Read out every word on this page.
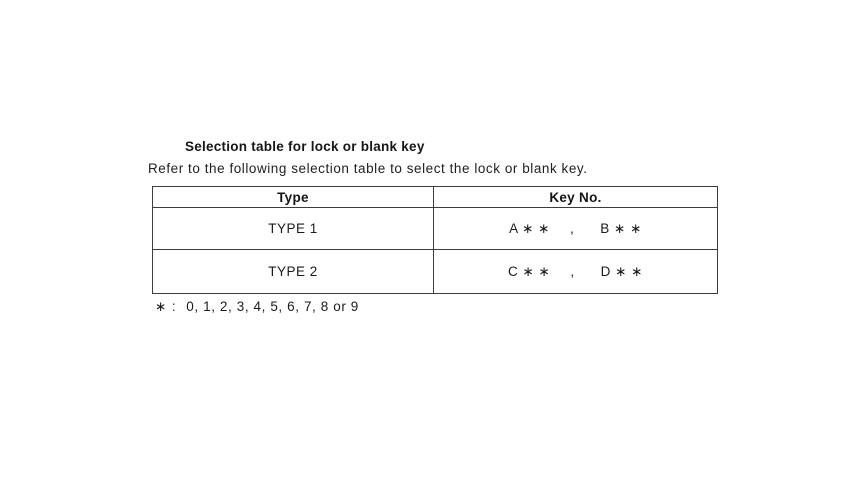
Selection table for lock or blank key

Refer to the following selection table to select the lock or blank key.

Type	Key No.
TYPE 1	A ∗ ∗ , B ∗ ∗
TYPE 2	C ∗ ∗ , D ∗ ∗

∗ : 0, 1, 2, 3, 4, 5, 6, 7, 8 or 9
